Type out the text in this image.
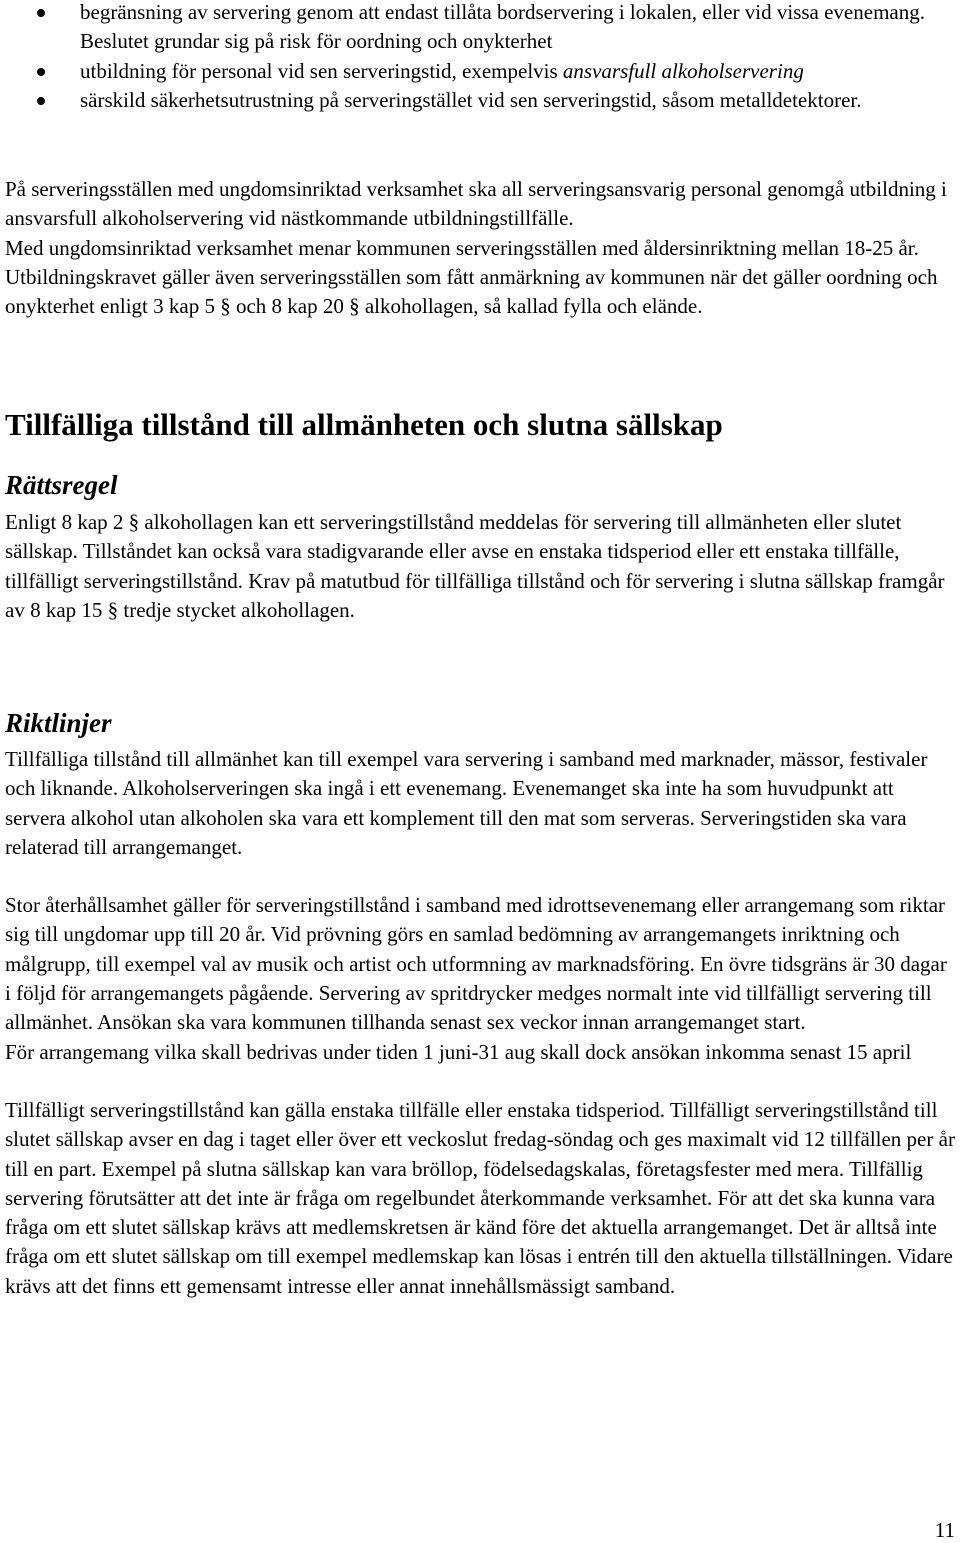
begränsning av servering genom att endast tillåta bordservering i lokalen, eller vid vissa evenemang. Beslutet grundar sig på risk för oordning och onykterhet
utbildning för personal vid sen serveringstid, exempelvis ansvarsfull alkoholservering
särskild säkerhetsutrustning på serveringstället vid sen serveringstid, såsom metalldetektorer.

På serveringsställen med ungdomsinriktad verksamhet ska all serveringsansvarig personal genomgå utbildning i ansvarsfull alkoholservering vid nästkommande utbildningstillfälle.

Med ungdomsinriktad verksamhet menar kommunen serveringsställen med åldersinriktning mellan 18-25 år. Utbildningskravet gäller även serveringsställen som fått anmärkning av kommunen när det gäller oordning och onykterhet enligt 3 kap 5 § och 8 kap 20 § alkohollagen, så kallad fylla och elände.

Tillfälliga tillstånd till allmänheten och slutna sällskap
Rättsregel

Enligt 8 kap 2 § alkohollagen kan ett serveringstillstånd meddelas för servering till allmänheten eller slutet sällskap. Tillståndet kan också vara stadigvarande eller avse en enstaka tidsperiod eller ett enstaka tillfälle, tillfälligt serveringstillstånd. Krav på matutbud för tillfälliga tillstånd och för servering i slutna sällskap framgår av 8 kap 15 § tredje stycket alkohollagen.

Riktlinjer

Tillfälliga tillstånd till allmänhet kan till exempel vara servering i samband med marknader, mässor, festivaler och liknande. Alkoholserveringen ska ingå i ett evenemang. Evenemanget ska inte ha som huvudpunkt att servera alkohol utan alkoholen ska vara ett komplement till den mat som serveras. Serveringstiden ska vara relaterad till arrangemanget.

Stor återhållsamhet gäller för serveringstillstånd i samband med idrottsevenemang eller arrangemang som riktar sig till ungdomar upp till 20 år. Vid prövning görs en samlad bedömning av arrangemangets inriktning och målgrupp, till exempel val av musik och artist och utformning av marknadsföring. En övre tidsgräns är 30 dagar i följd för arrangemangets pågående. Servering av spritdrycker medges normalt inte vid tillfälligt servering till allmänhet. Ansökan ska vara kommunen tillhanda senast sex veckor innan arrangemanget start.

För arrangemang vilka skall bedrivas under tiden 1 juni-31 aug skall dock ansökan inkomma senast 15 april

Tillfälligt serveringstillstånd kan gälla enstaka tillfälle eller enstaka tidsperiod. Tillfälligt serveringstillstånd till slutet sällskap avser en dag i taget eller över ett veckoslut fredag-söndag och ges maximalt vid 12 tillfällen per år till en part. Exempel på slutna sällskap kan vara bröllop, födelsedagskalas, företagsfester med mera. Tillfällig servering förutsätter att det inte är fråga om regelbundet återkommande verksamhet. För att det ska kunna vara fråga om ett slutet sällskap krävs att medlemskretsen är känd före det aktuella arrangemanget. Det är alltså inte fråga om ett slutet sällskap om till exempel medlemskap kan lösas i entrén till den aktuella tillställningen. Vidare krävs att det finns ett gemensamt intresse eller annat innehållsmässigt samband.

11
